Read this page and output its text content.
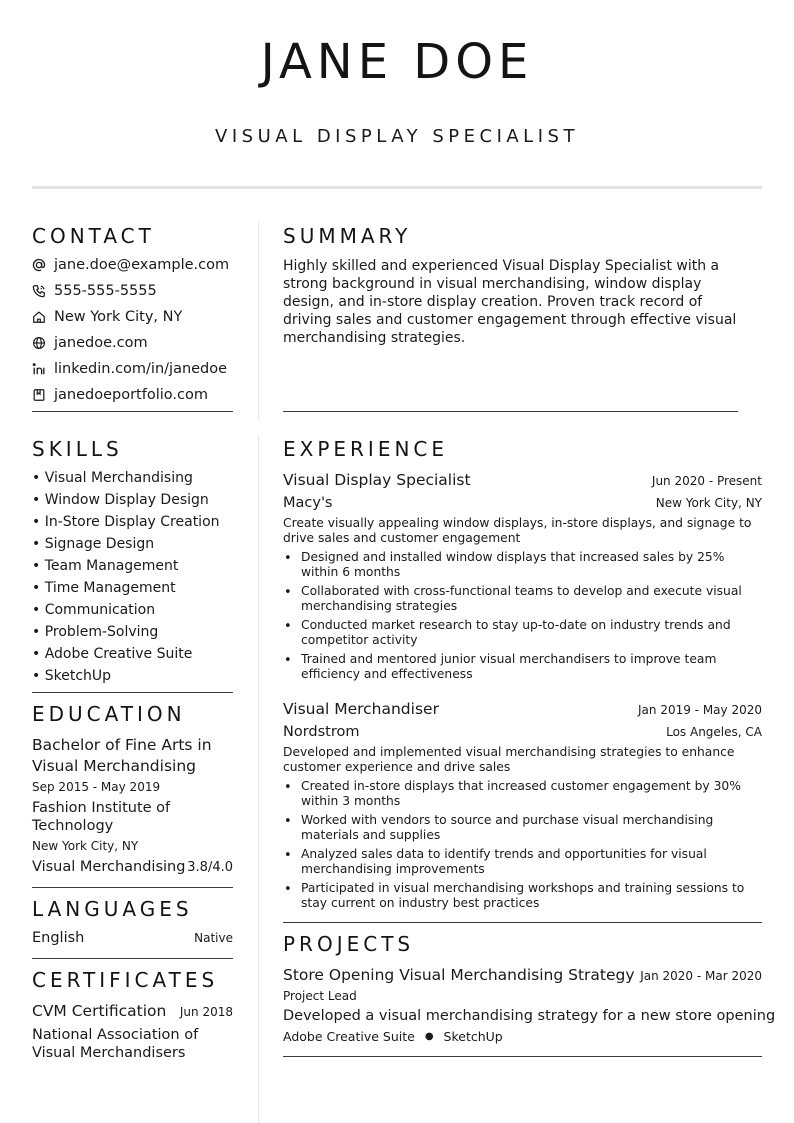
JANE DOE
VISUAL DISPLAY SPECIALIST
CONTACT
jane.doe@example.com
555-555-5555
New York City, NY
janedoe.com
linkedin.com/in/janedoe
janedoeportfolio.com
SUMMARY
Highly skilled and experienced Visual Display Specialist with a strong background in visual merchandising, window display design, and in-store display creation. Proven track record of driving sales and customer engagement through effective visual merchandising strategies.
SKILLS
• Visual Merchandising
• Window Display Design
• In-Store Display Creation
• Signage Design
• Team Management
• Time Management
• Communication
• Problem-Solving
• Adobe Creative Suite
• SketchUp
EDUCATION
Bachelor of Fine Arts in Visual Merchandising
Sep 2015 - May 2019
Fashion Institute of Technology
New York City, NY
Visual Merchandising 3.8/4.0
LANGUAGES
English	Native
CERTIFICATES
CVM Certification Jun 2018
National Association of Visual Merchandisers
EXPERIENCE
Visual Display Specialist	Jun 2020 - Present
Macy's	New York City, NY
Create visually appealing window displays, in-store displays, and signage to drive sales and customer engagement
• Designed and installed window displays that increased sales by 25% within 6 months
• Collaborated with cross-functional teams to develop and execute visual merchandising strategies
• Conducted market research to stay up-to-date on industry trends and competitor activity
• Trained and mentored junior visual merchandisers to improve team efficiency and effectiveness
Visual Merchandiser	Jan 2019 - May 2020
Nordstrom	Los Angeles, CA
Developed and implemented visual merchandising strategies to enhance customer experience and drive sales
• Created in-store displays that increased customer engagement by 30% within 3 months
• Worked with vendors to source and purchase visual merchandising materials and supplies
• Analyzed sales data to identify trends and opportunities for visual merchandising improvements
• Participated in visual merchandising workshops and training sessions to stay current on industry best practices
PROJECTS
Store Opening Visual Merchandising Strategy Jan 2020 - Mar 2020
Project Lead
Developed a visual merchandising strategy for a new store opening
Adobe Creative Suite ● SketchUp
